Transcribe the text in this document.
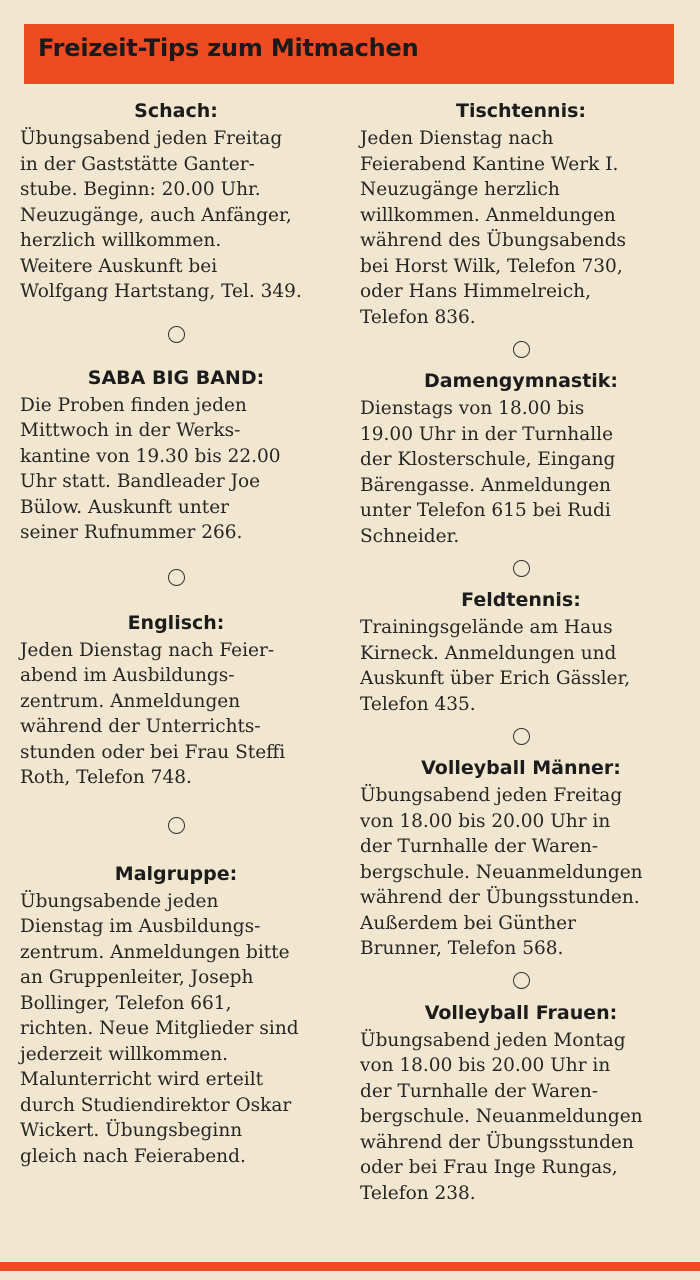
Freizeit-Tips zum Mitmachen
Schach:
Übungsabend jeden Freitag
in der Gaststätte Ganter-
stube. Beginn: 20.00 Uhr.
Neuzugänge, auch Anfänger,
herzlich willkommen.
Weitere Auskunft bei
Wolfgang Hartstang, Tel. 349.
SABA BIG BAND:
Die Proben finden jeden
Mittwoch in der Werks-
kantine von 19.30 bis 22.00
Uhr statt. Bandleader Joe
Bülow. Auskunft unter
seiner Rufnummer 266.
Englisch:
Jeden Dienstag nach Feier-
abend im Ausbildungs-
zentrum. Anmeldungen
während der Unterrichts-
stunden oder bei Frau Steffi
Roth, Telefon 748.
Malgruppe:
Übungsabende jeden
Dienstag im Ausbildungs-
zentrum. Anmeldungen bitte
an Gruppenleiter, Joseph
Bollinger, Telefon 661,
richten. Neue Mitglieder sind
jederzeit willkommen.
Malunterricht wird erteilt
durch Studiendirektor Oskar
Wickert. Übungsbeginn
gleich nach Feierabend.
Tischtennis:
Jeden Dienstag nach
Feierabend Kantine Werk I.
Neuzugänge herzlich
willkommen. Anmeldungen
während des Übungsabends
bei Horst Wilk, Telefon 730,
oder Hans Himmelreich,
Telefon 836.
Damengymnastik:
Dienstags von 18.00 bis
19.00 Uhr in der Turnhalle
der Klosterschule, Eingang
Bärengasse. Anmeldungen
unter Telefon 615 bei Rudi
Schneider.
Feldtennis:
Trainingsgelände am Haus
Kirneck. Anmeldungen und
Auskunft über Erich Gässler,
Telefon 435.
Volleyball Männer:
Übungsabend jeden Freitag
von 18.00 bis 20.00 Uhr in
der Turnhalle der Waren-
bergschule. Neuanmeldungen
während der Übungsstunden.
Außerdem bei Günther
Brunner, Telefon 568.
Volleyball Frauen:
Übungsabend jeden Montag
von 18.00 bis 20.00 Uhr in
der Turnhalle der Waren-
bergschule. Neuanmeldungen
während der Übungsstunden
oder bei Frau Inge Rungas,
Telefon 238.
